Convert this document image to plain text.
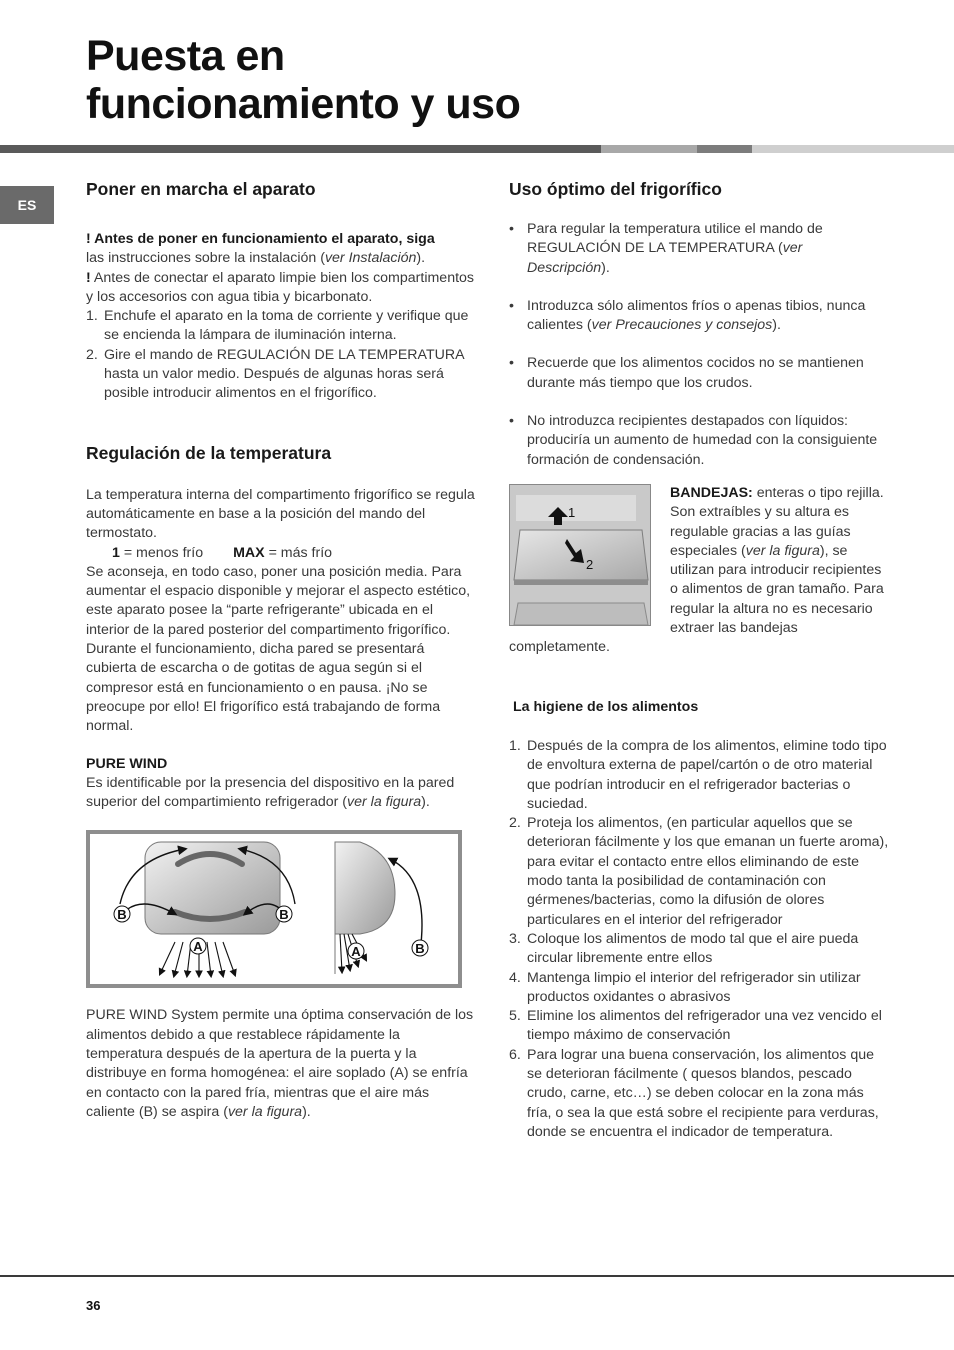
Puesta en
funcionamiento y uso
ES
Poner en marcha el aparato

! Antes de poner en funcionamiento el aparato, siga
las instrucciones sobre la instalación (ver Instalación).

! Antes de conectar el aparato limpie bien los compartimentos y los accesorios con agua tibia y bicarbonato.

1. Enchufe el aparato en la toma de corriente y verifique que se encienda la lámpara de iluminación interna.
2. Gire el mando de REGULACIÓN DE LA TEMPERATURA hasta un valor medio. Después de algunas horas será posible introducir alimentos en el frigorífico.
Regulación de la temperatura

La temperatura interna del compartimento frigorífico se regula automáticamente en base a la posición del mando del termostato.

1 = menos frío MAX = más frío

Se aconseja, en todo caso, poner una posición media. Para aumentar el espacio disponible y mejorar el aspecto estético, este aparato posee la “parte refrigerante” ubicada en el interior de la pared posterior del compartimento frigorífico. Durante el funcionamiento, dicha pared se presentará cubierta de escarcha o de gotitas de agua según si el compresor está en funcionamiento o en pausa. ¡No se preocupe por ello! El frigorífico está trabajando de forma normal.

PURE WIND

Es identificable por la presencia del dispositivo en la pared superior del compartimiento refrigerador (ver la figura).

B	B
A	A	B

PURE WIND System permite una óptima conservación de los alimentos debido a que restablece rápidamente la temperatura después de la apertura de la puerta y la distribuye en forma homogénea: el aire soplado (A) se enfría en contacto con la pared fría, mientras que el aire más caliente (B) se aspira (ver la figura).

Uso óptimo del frigorífico
• Para regular la temperatura utilice el mando de REGULACIÓN DE LA TEMPERATURA (ver Descripción).
• Introduzca sólo alimentos fríos o apenas tibios, nunca calientes (ver Precauciones y consejos).
• Recuerde que los alimentos cocidos no se mantienen durante más tiempo que los crudos.
• No introduzca recipientes destapados con líquidos: produciría un aumento de humedad con la consiguiente formación de condensación.
1
2

BANDEJAS: enteras o tipo rejilla.
Son extraíbles y su altura es regulable gracias a las guías especiales (ver la figura), se utilizan para introducir recipientes o alimentos de gran tamaño. Para regular la altura no es necesario extraer las bandejas completamente.

La higiene de los alimentos
1. Después de la compra de los alimentos, elimine todo tipo de envoltura externa de papel/cartón o de otro material que podrían introducir en el refrigerador bacterias o suciedad.
2. Proteja los alimentos, (en particular aquellos que se deterioran fácilmente y los que emanan un fuerte aroma), para evitar el contacto entre ellos eliminando de este modo tanta la posibilidad de contaminación con gérmenes/bacterias, como la difusión de olores particulares en el interior del refrigerador
3. Coloque los alimentos de modo tal que el aire pueda circular libremente entre ellos
4. Mantenga limpio el interior del refrigerador sin utilizar productos oxidantes o abrasivos
5. Elimine los alimentos del refrigerador una vez vencido el tiempo máximo de conservación
6. Para lograr una buena conservación, los alimentos que se deterioran fácilmente ( quesos blandos, pescado crudo, carne, etc…) se deben colocar en la zona más fría, o sea la que está sobre el recipiente para verduras, donde se encuentra el indicador de temperatura.
36
